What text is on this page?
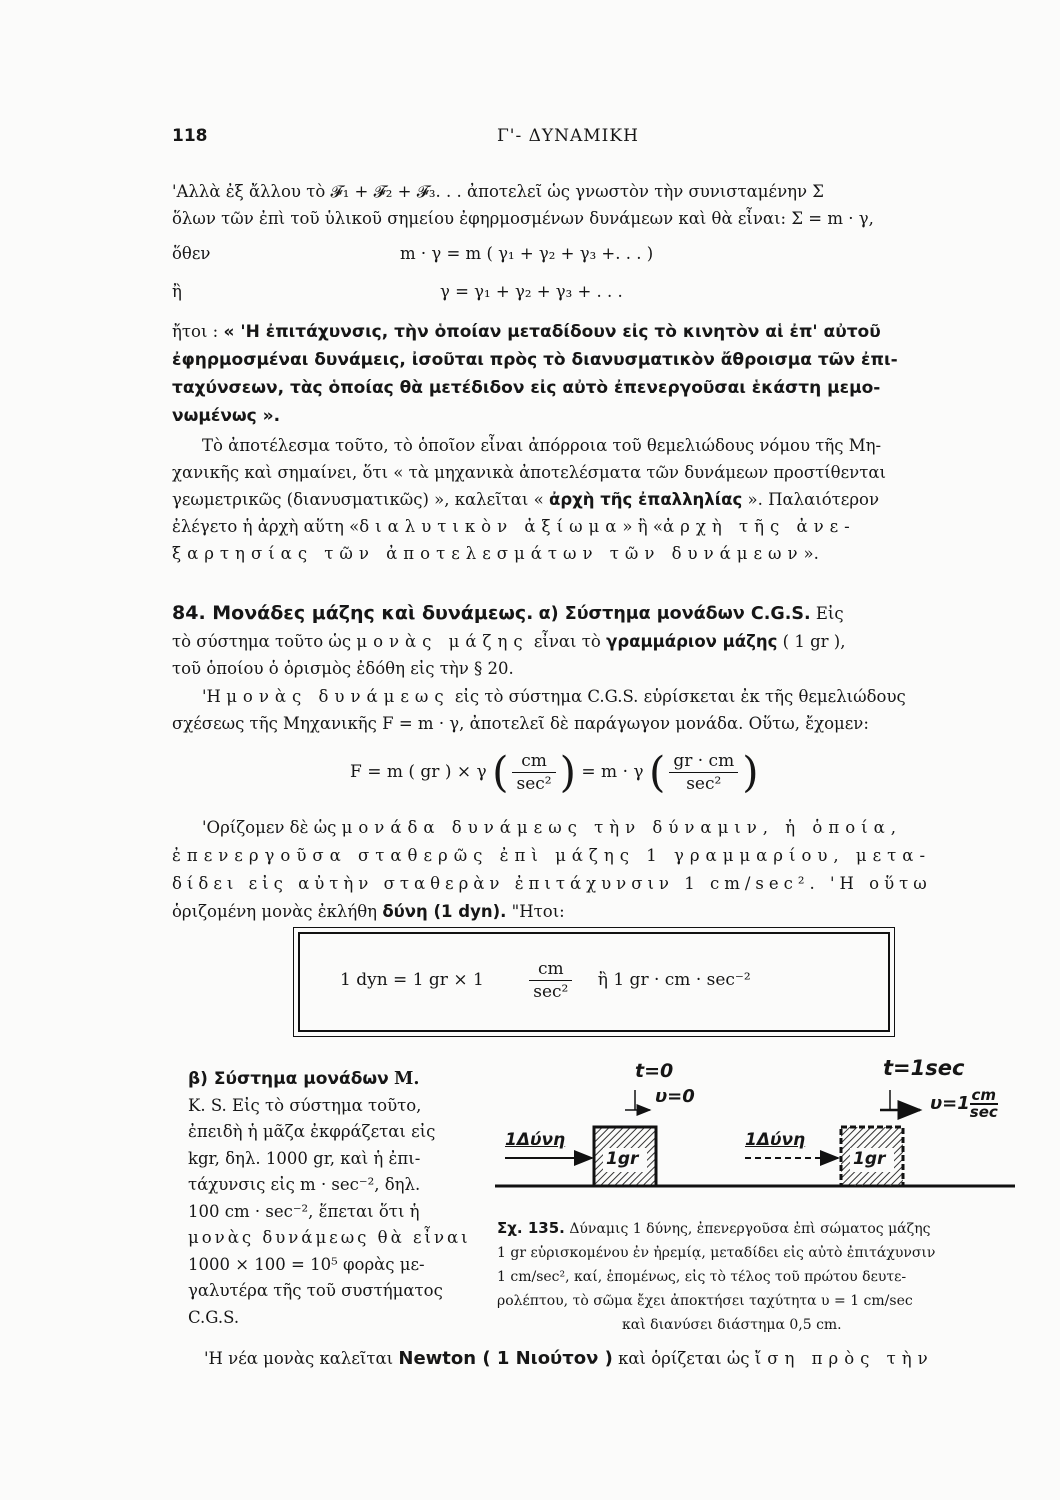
118	Γ'- ΔΥΝΑΜΙΚΗ
'Αλλὰ ἐξ ἄλλου τὸ 𝓕₁ + 𝓕₂ + 𝓕₃. . . ἀποτελεῖ ὡς γνωστὸν τὴν συνισταμένην Σ
ὅλων τῶν ἐπὶ τοῦ ὑλικοῦ σημείου ἐφηρμοσμένων δυνάμεων καὶ θὰ εἶναι: Σ = m · γ,
ὅθεν	m · γ = m ( γ₁ + γ₂ + γ₃ +. . . )
ἢ	γ = γ₁ + γ₂ + γ₃ + . . .
ἤτοι : « 'Η ἐπιτάχυνσις, τὴν ὁποίαν μεταδίδουν εἰς τὸ κινητὸν αἱ ἐπ' αὐτοῦ
ἐφηρμοσμέναι δυνάμεις, ἰσοῦται πρὸς τὸ διανυσματικὸν ἄθροισμα τῶν ἐπι-
ταχύνσεων, τὰς ὁποίας θὰ μετέδιδον εἰς αὐτὸ ἐπενεργοῦσαι ἑκάστη μεμο-
νωμένως ».
Τὸ ἀποτέλεσμα τοῦτο, τὸ ὁποῖον εἶναι ἀπόρροια τοῦ θεμελιώδους νόμου τῆς Μη-
χανικῆς καὶ σημαίνει, ὅτι « τὰ μηχανικὰ ἀποτελέσματα τῶν δυνάμεων προστίθενται
γεωμετρικῶς (διανυσματικῶς) », καλεῖται « ἀρχὴ τῆς ἐπαλληλίας ». Παλαιότερον
ἐλέγετο ἡ ἀρχὴ αὕτη «διαλυτικὸν ἀξίωμα» ἢ «ἀρχὴ τῆς ἀνε-
ξαρτησίας τῶν ἀποτελεσμάτων τῶν δυνάμεων».
84. Μονάδες μάζης καὶ δυνάμεως. α) Σύστημα μονάδων C.G.S. Εἰς
τὸ σύστημα τοῦτο ὡς μονὰς μάζης εἶναι τὸ γραμμάριον μάζης ( 1 gr ),
τοῦ ὁποίου ὁ ὁρισμὸς ἐδόθη εἰς τὴν § 20.
'Η μονὰς δυνάμεως εἰς τὸ σύστημα C.G.S. εὑρίσκεται ἐκ τῆς θεμελιώδους
σχέσεως τῆς Μηχανικῆς F = m · γ, ἀποτελεῖ δὲ παράγωγον μονάδα. Οὕτω, ἔχομεν:
F = m ( gr ) × γ ( $\frac{cm}{\text{sec²}}$ ) = m · γ ( $\frac{gr \cdot cm}{\text{sec²}}$ )
'Ορίζομεν δὲ ὡς μονάδα δυνάμεως τὴν δύναμιν, ἡ ὁποία,
ἐπενεργοῦσα σταθερῶς ἐπὶ μάζης 1 γραμμαρίου, μετα-
δίδει εἰς αὐτὴν σταθερὰν ἐπιτάχυνσιν 1 cm/sec². 'Η οὕτω
ὁριζομένη μονὰς ἐκλήθη δύνη (1 dyn). "Ητοι:
1 dyn = 1 gr × 1	$\frac{cm}{\text{sec²}}$ ἢ 1 gr · cm · sec⁻²
β) Σύστημα μονάδων M.
K. S. Εἰς τὸ σύστημα τοῦτο,
ἐπειδὴ ἡ μᾶζα ἐκφράζεται εἰς
kgr, δηλ. 1000 gr, καὶ ἡ ἐπι-
τάχυνσις εἰς m · sec⁻², δηλ.
100 cm · sec⁻², ἕπεται ὅτι ἡ
μονὰς δυνάμεως θὰ εἶναι
1000 × 100 = 10⁵ φορὰς με-
γαλυτέρα τῆς τοῦ συστήματος
C.G.S.
t=0
υ=0
t=1sec
υ=1 cm
sec
1Δύνη	1Δύνη
1gr	1gr
Σχ. 135. Δύναμις 1 δύνης, ἐπενεργοῦσα ἐπὶ σώματος μάζης
1 gr εὑρισκομένου ἐν ἠρεμίᾳ, μεταδίδει εἰς αὐτὸ ἐπιτάχυνσιν
1 cm/sec², καί, ἑπομένως, εἰς τὸ τέλος τοῦ πρώτου δευτε-
ρολέπτου, τὸ σῶμα ἔχει ἀποκτήσει ταχύτητα υ = 1 cm/sec
καὶ διανύσει διάστημα 0,5 cm.
'Η νέα μονὰς καλεῖται Newton ( 1 Νιούτον ) καὶ ὁρίζεται ὡς ἴση πρὸς τὴν
